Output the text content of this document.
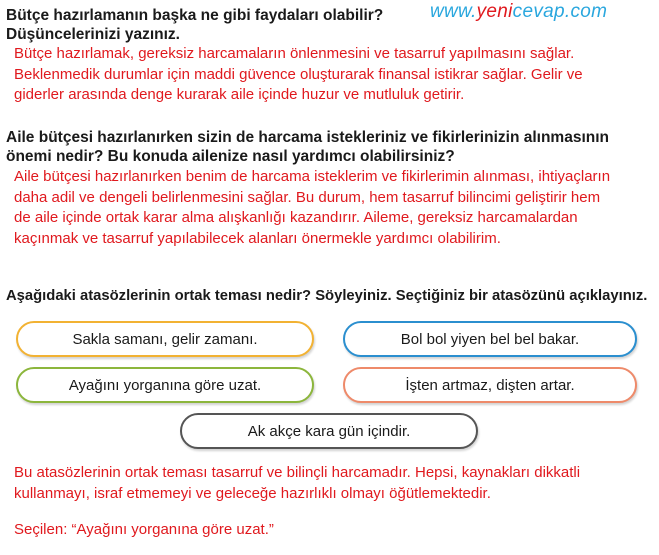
www.yenicevap.com
Bütçe hazırlamanın başka ne gibi faydaları olabilir?
Düşüncelerinizi yazınız.
Bütçe hazırlamak, gereksiz harcamaların önlenmesini ve tasarruf yapılmasını sağlar.
Beklenmedik durumlar için maddi güvence oluşturarak finansal istikrar sağlar. Gelir ve
giderler arasında denge kurarak aile içinde huzur ve mutluluk getirir.
Aile bütçesi hazırlanırken sizin de harcama istekleriniz ve fikirlerinizin alınmasının
önemi nedir? Bu konuda ailenize nasıl yardımcı olabilirsiniz?
Aile bütçesi hazırlanırken benim de harcama isteklerim ve fikirlerimin alınması, ihtiyaçların
daha adil ve dengeli belirlenmesini sağlar. Bu durum, hem tasarruf bilincimi geliştirir hem
de aile içinde ortak karar alma alışkanlığı kazandırır. Aileme, gereksiz harcamalardan
kaçınmak ve tasarruf yapılabilecek alanları önermekle yardımcı olabilirim.
Aşağıdaki atasözlerinin ortak teması nedir? Söyleyiniz. Seçtiğiniz bir atasözünü açıklayınız.
Sakla samanı, gelir zamanı.	Bol bol yiyen bel bel bakar.
Ayağını yorganına göre uzat.	İşten artmaz, dişten artar.
Ak akçe kara gün içindir.
Bu atasözlerinin ortak teması tasarruf ve bilinçli harcamadır. Hepsi, kaynakları dikkatli
kullanmayı, israf etmemeyi ve geleceğe hazırlıklı olmayı öğütlemektedir.
Seçilen: “Ayağını yorganına göre uzat.”
